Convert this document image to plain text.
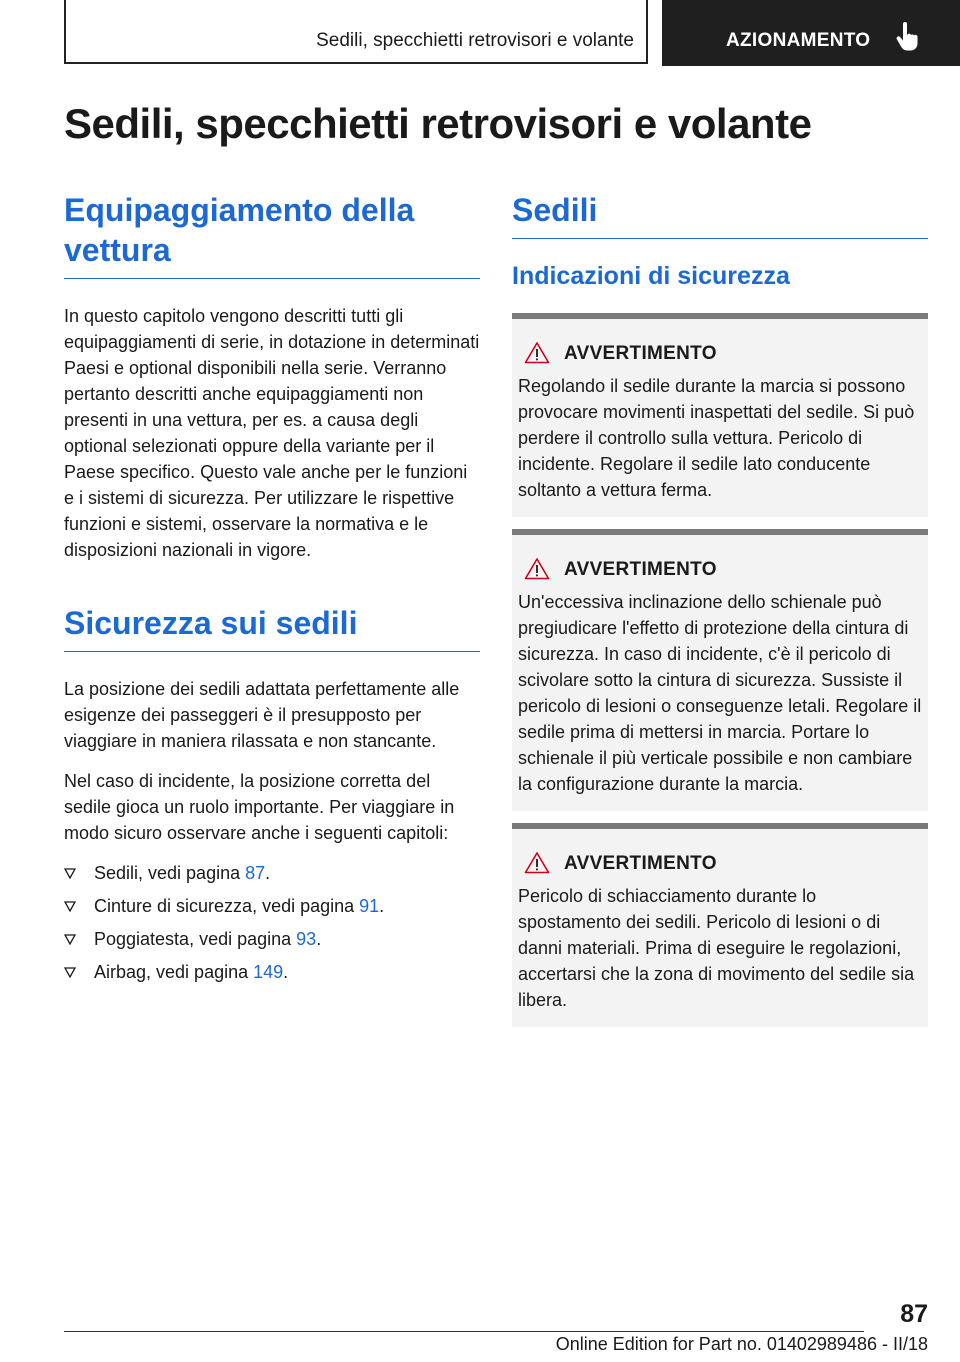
Sedili, specchietti retrovisori e volante	AZIONAMENTO
Sedili, specchietti retrovisori e volante
Equipaggiamento della vettura

In questo capitolo vengono descritti tutti gli equipaggiamenti di serie, in dotazione in determinati Paesi e optional disponibili nella serie. Verranno pertanto descritti anche equipaggiamenti non presenti in una vettura, per es. a causa degli optional selezionati oppure della variante per il Paese specifico. Questo vale anche per le funzioni e i sistemi di sicurezza. Per utilizzare le rispettive funzioni e sistemi, osservare la normativa e le disposizioni nazionali in vigore.

Sicurezza sui sedili

La posizione dei sedili adattata perfettamente alle esigenze dei passeggeri è il presupposto per viaggiare in maniera rilassata e non stancante.

Nel caso di incidente, la posizione corretta del sedile gioca un ruolo importante. Per viaggiare in modo sicuro osservare anche i seguenti capitoli:

Sedili, vedi pagina 87.
Cinture di sicurezza, vedi pagina 91.
Poggiatesta, vedi pagina 93.
Airbag, vedi pagina 149.
Sedili
Indicazioni di sicurezza
AVVERTIMENTO

Regolando il sedile durante la marcia si possono provocare movimenti inaspettati del sedile. Si può perdere il controllo sulla vettura. Pericolo di incidente. Regolare il sedile lato conducente soltanto a vettura ferma.

AVVERTIMENTO

Un'eccessiva inclinazione dello schienale può pregiudicare l'effetto di protezione della cintura di sicurezza. In caso di incidente, c'è il pericolo di scivolare sotto la cintura di sicurezza. Sussiste il pericolo di lesioni o conseguenze letali. Regolare il sedile prima di mettersi in marcia. Portare lo schienale il più verticale possibile e non cambiare la configurazione durante la marcia.

AVVERTIMENTO

Pericolo di schiacciamento durante lo spostamento dei sedili. Pericolo di lesioni o di danni materiali. Prima di eseguire le regolazioni, accertarsi che la zona di movimento del sedile sia libera.

87
Online Edition for Part no. 01402989486 - II/18
